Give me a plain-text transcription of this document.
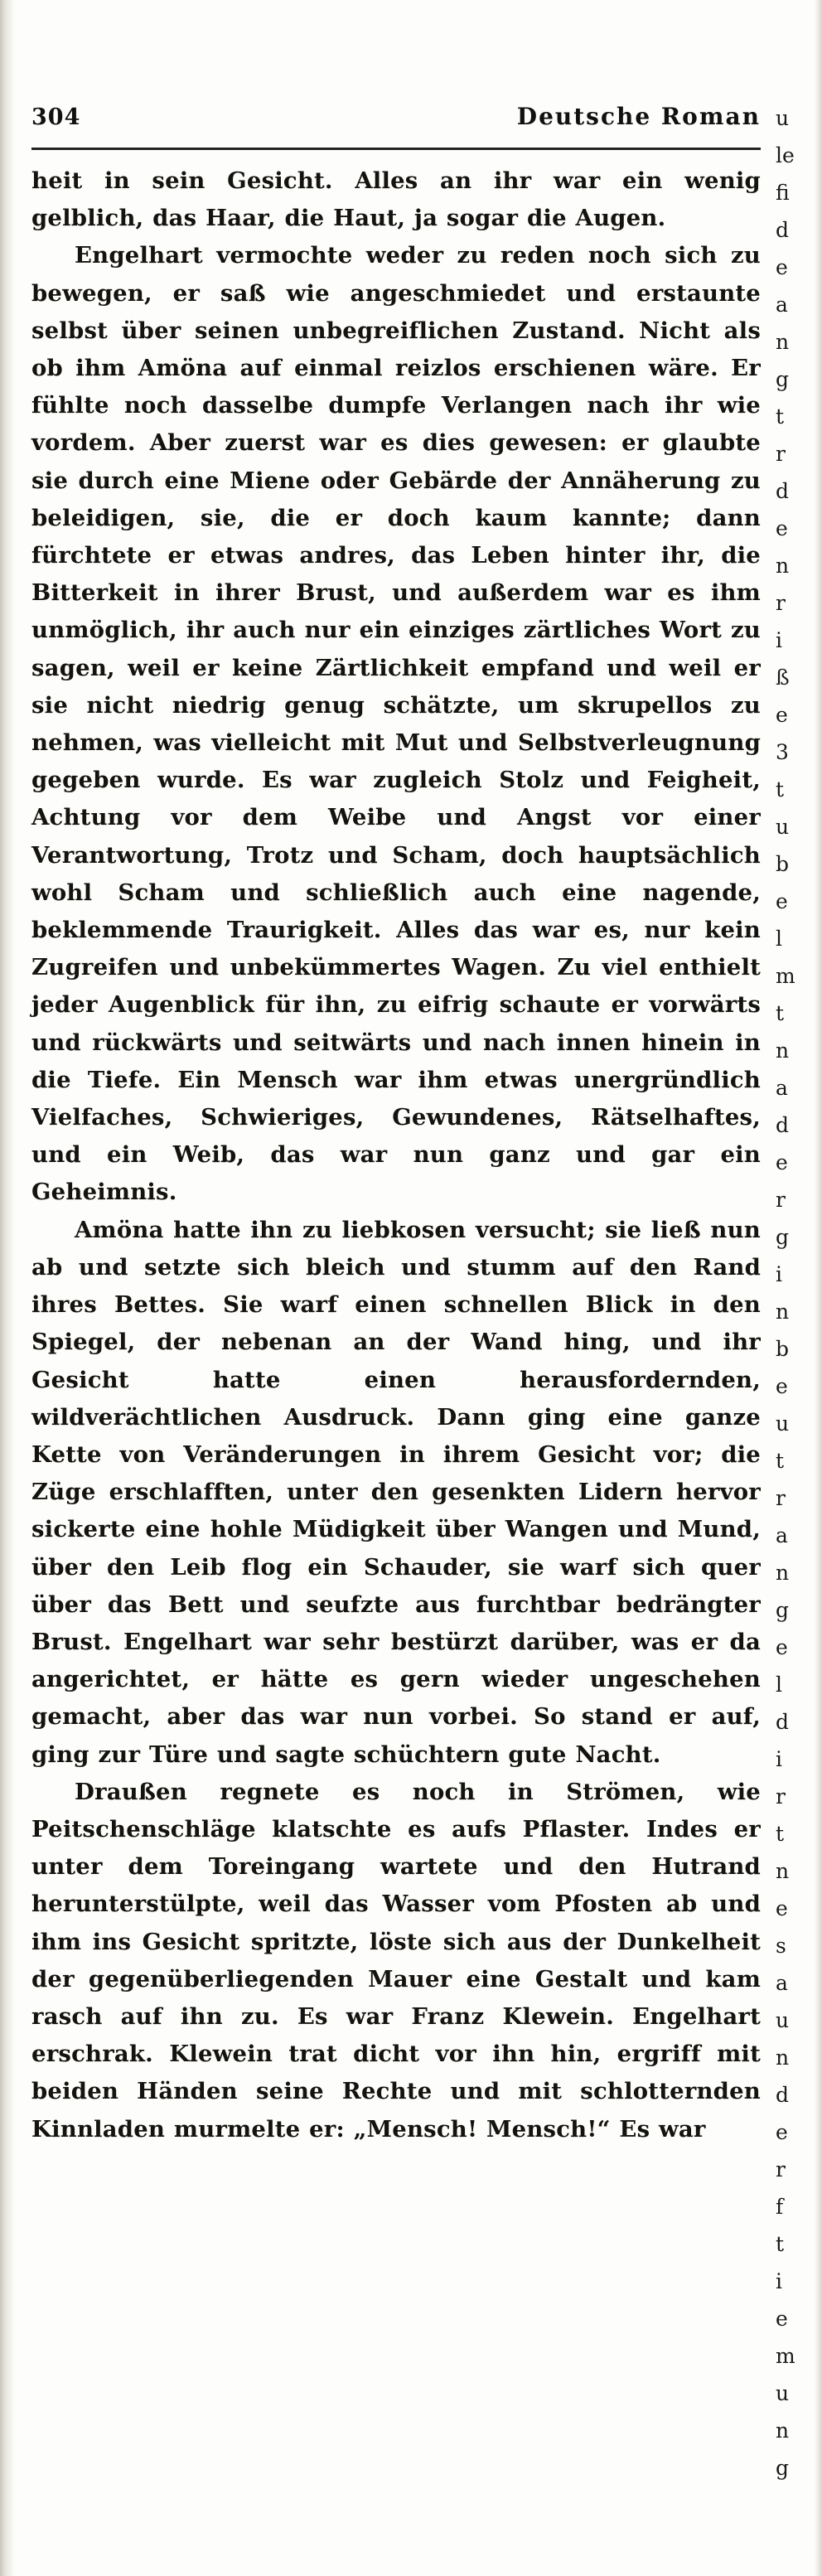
u
le
fi
d
e
a
n
g
t
r
d
e
n
r
i
ß
e
3
t
u
b
e
l
m
t
n
a
d
e
r
g
i
n
b
e
u
t
r
a
n
g
e
l
d
i
r
t
n
e
s
a
u
n
d
e
r
f
t
i
e
m
u
n
g
304	Deutsche Roman

heit in sein Gesicht. Alles an ihr war ein wenig gelblich, das Haar, die Haut, ja sogar die Augen.

Engelhart vermochte weder zu reden noch sich zu bewegen, er saß wie angeschmiedet und erstaunte selbst über seinen unbegreiflichen Zustand. Nicht als ob ihm Amöna auf einmal reizlos erschienen wäre. Er fühlte noch dasselbe dumpfe Verlangen nach ihr wie vordem. Aber zuerst war es dies gewesen: er glaubte sie durch eine Miene oder Gebärde der Annäherung zu beleidigen, sie, die er doch kaum kannte; dann fürchtete er etwas andres, das Leben hinter ihr, die Bitterkeit in ihrer Brust, und außerdem war es ihm unmöglich, ihr auch nur ein einziges zärtliches Wort zu sagen, weil er keine Zärtlichkeit empfand und weil er sie nicht niedrig genug schätzte, um skrupellos zu nehmen, was vielleicht mit Mut und Selbstverleugnung gegeben wurde. Es war zugleich Stolz und Feigheit, Achtung vor dem Weibe und Angst vor einer Verantwortung, Trotz und Scham, doch hauptsächlich wohl Scham und schließlich auch eine nagende, beklemmende Traurigkeit. Alles das war es, nur kein Zugreifen und unbekümmertes Wagen. Zu viel enthielt jeder Augenblick für ihn, zu eifrig schaute er vorwärts und rückwärts und seitwärts und nach innen hinein in die Tiefe. Ein Mensch war ihm etwas unergründlich Vielfaches, Schwieriges, Gewundenes, Rätselhaftes, und ein Weib, das war nun ganz und gar ein Geheimnis.

Amöna hatte ihn zu liebkosen versucht; sie ließ nun ab und setzte sich bleich und stumm auf den Rand ihres Bettes. Sie warf einen schnellen Blick in den Spiegel, der nebenan an der Wand hing, und ihr Gesicht hatte einen herausfordernden, wildverächtlichen Ausdruck. Dann ging eine ganze Kette von Veränderungen in ihrem Gesicht vor; die Züge erschlafften, unter den gesenkten Lidern hervor sickerte eine hohle Müdigkeit über Wangen und Mund, über den Leib flog ein Schauder, sie warf sich quer über das Bett und seufzte aus furchtbar bedrängter Brust. Engelhart war sehr bestürzt darüber, was er da angerichtet, er hätte es gern wieder ungeschehen gemacht, aber das war nun vorbei. So stand er auf, ging zur Türe und sagte schüchtern gute Nacht.

Draußen regnete es noch in Strömen, wie Peitschenschläge klatschte es aufs Pflaster. Indes er unter dem Toreingang wartete und den Hutrand herunterstülpte, weil das Wasser vom Pfosten ab und ihm ins Gesicht spritzte, löste sich aus der Dunkelheit der gegenüberliegenden Mauer eine Gestalt und kam rasch auf ihn zu. Es war Franz Klewein. Engelhart erschrak. Klewein trat dicht vor ihn hin, ergriff mit beiden Händen seine Rechte und mit schlotternden Kinnladen murmelte er: „Mensch! Mensch!“ Es war
